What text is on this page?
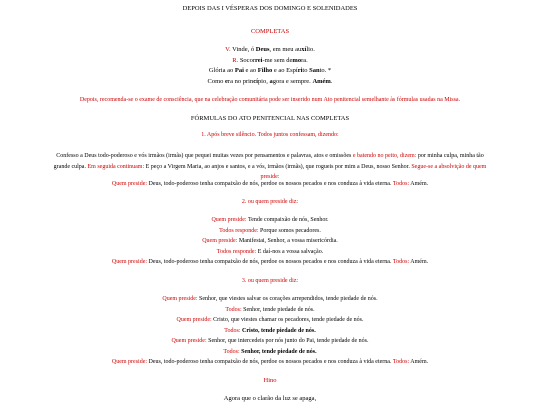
DEPOIS DAS I VÉSPERAS DOS DOMINGO E SOLENIDADES
COMPLETAS
V. Vinde, ó Deus, em meu auxílio.
R. Socorrei-me sem demora.
Glória ao Pai e ao Filho e ao Espírito Santo. *
Como era no princípio, agora e sempre. Amém.
Depois, recomenda-se o exame de consciência, que na celebração comunitária pode ser inserido num Ato penitencial semelhante às fórmulas usadas na Missa.
FÓRMULAS DO ATO PENITENCIAL NAS COMPLETAS
1. Após breve silêncio. Todos juntos confessam, dizendo:
Confesso a Deus todo-poderoso e vós irmãos (irmãs) que pequei muitas vezes por pensamentos e palavras, atos e omissões e batendo no peito, dizem: por minha culpa, minha tão
grande culpa. Em seguida continuam: E peço a Virgem Maria, ao anjos e santos, e a vós, irmãos (irmãs), que rogueis por mim a Deus, nosso Senhor. Segue-se a absolvição de quem
preside:
Quem preside: Deus, todo-poderoso tenha compaixão de nós, perdoe os nossos pecados e nos conduza à vida eterna. Todos: Amém.
2. ou quem preside diz:
Quem preside: Tende compaixão de nós, Senhor.
Todos responde: Porque somos pecadores.
Quem preside: Manifestai, Senhor, a vossa misericórdia.
Todos responde: E daí-nos a vossa salvação.
Quem preside: Deus, todo-poderoso tenha compaixão de nós, perdoe os nossos pecados e nos conduza à vida eterna. Todos: Amém.
3. ou quem preside diz:
Quem preside: Senhor, que viestes salvar os corações arrependidos, tende piedade de nós.
Todos: Senhor, tende piedade de nós.
Quem preside: Cristo, que viestes chamar os pecadores, tende piedade de nós.
Todos: Cristo, tende piedade de nós.
Quem preside: Senhor, que intercedeis por nós junto do Pai, tende piedade de nós.
Todos: Senhor, tende piedade de nós.
Quem preside: Deus, todo-poderoso tenha compaixão de nós, perdoe os nossos pecados e nos conduza à vida eterna. Todos: Amém.
Hino
Agora que o clarão da luz se apaga,
